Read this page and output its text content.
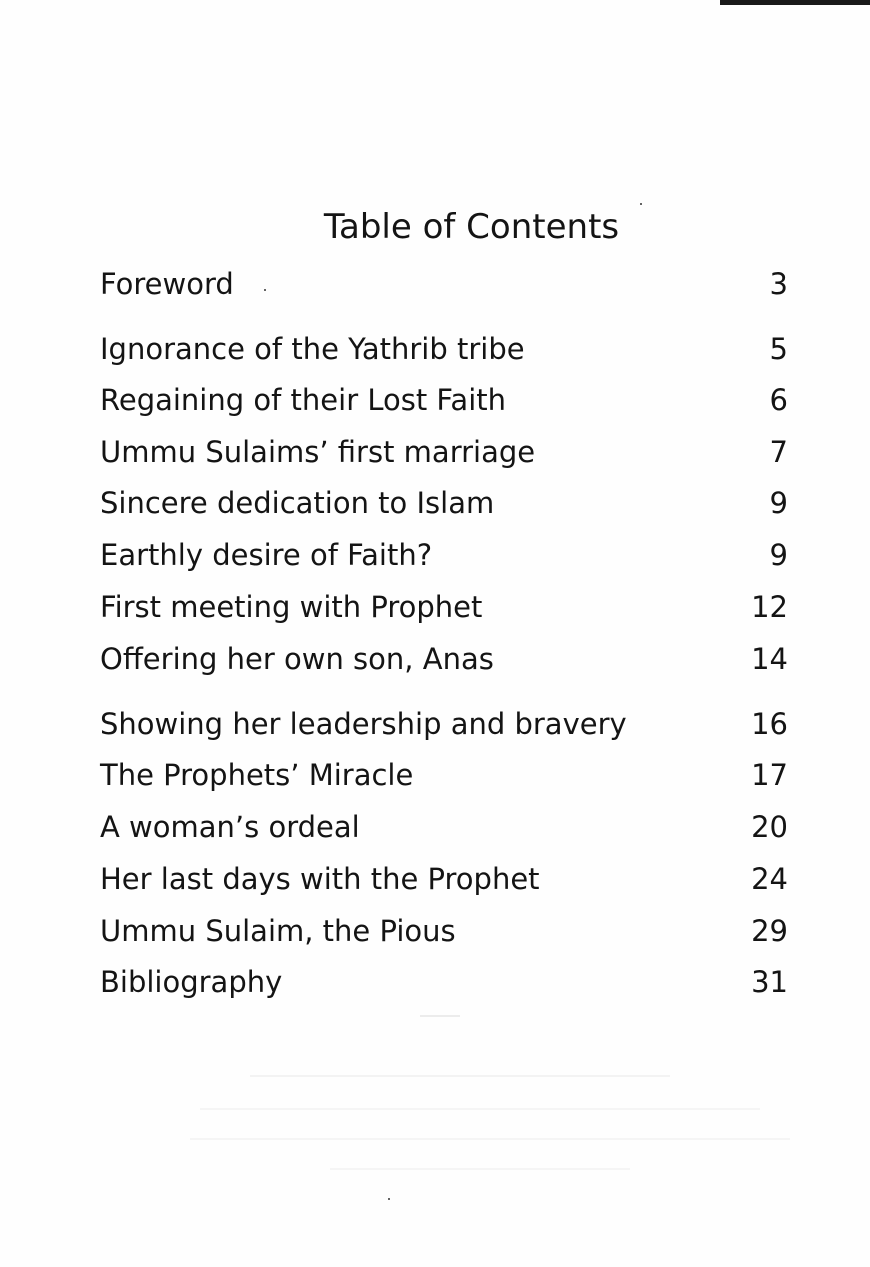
Table of Contents
Foreword	3
Ignorance of the Yathrib tribe	5
Regaining of their Lost Faith	6
Ummu Sulaims’ first marriage	7
Sincere dedication to Islam	9
Earthly desire of Faith?	9
First meeting with Prophet	12
Offering her own son, Anas	14
Showing her leadership and bravery	16
The Prophets’ Miracle	17
A woman’s ordeal	20
Her last days with the Prophet	24
Ummu Sulaim, the Pious	29
Bibliography	31
